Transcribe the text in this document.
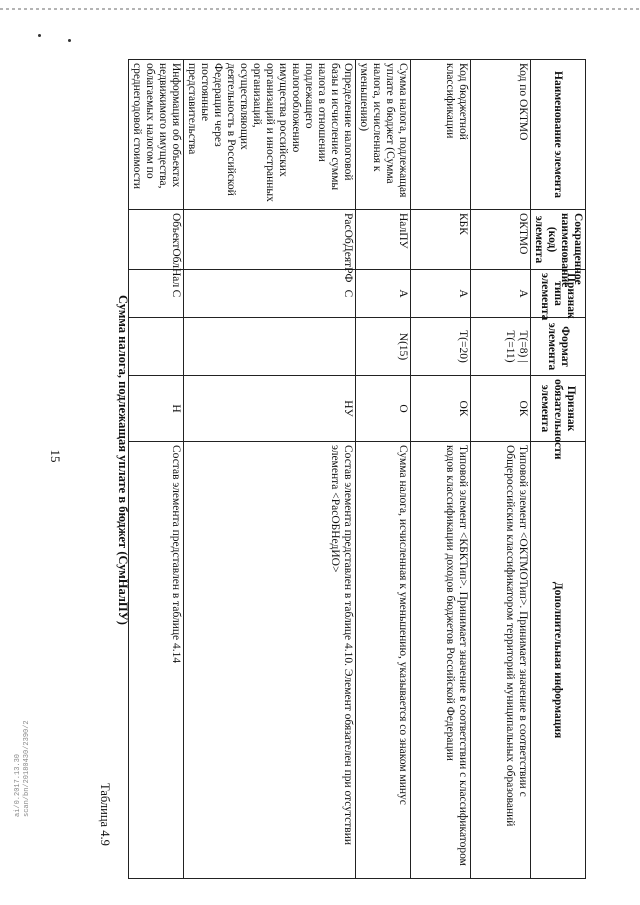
15
ai/0.2017.13.30 scan/bn/20180430/2390/2	Таблица 4.9
Сумма налога, подлежащая уплате в бюджет (СумНалПУ)
Наименование элемента	Сокращенное наименование (код) элемента	Признак типа элемента	Формат элемента	Признак обязательности элемента	Дополнительная информация
Код по ОКТМО	ОКТМО	А	T(=8) | T(=11)	ОК	Типовой элемент <ОКТМОТип>. Принимает значение в соответствии с Общероссийским классификатором территорий муниципальных образований
Код бюджетной классификации	КБК	А	T(=20)	ОК	Типовой элемент <КБКТип>. Принимает значение в соответствии с классификатором кодов классификации доходов бюджетов Российской Федерации
Сумма налога, подлежащая уплате в бюджет (Сумма налога, исчисленная к уменьшению)	НалПУ	А	N(15)	О	Сумма налога, исчисленная к уменьшению, указывается со знаком минус
Определение налоговой базы и исчисление суммы налога в отношении подлежащего налогообложению имущества российских организаций и иностранных организаций, осуществляющих деятельность в Российской Федерации через постоянные представительства	РасОбДеятРФ	С		НУ	Состав элемента представлен в таблице 4.10. Элемент обязателен при отсутствии элемента <РасОБНедИО>
Информация об объектах недвижимого имущества, облагаемых налогом по среднегодовой стоимости	ОбъектОблНал	С		Н	Состав элемента представлен в таблице 4.14
